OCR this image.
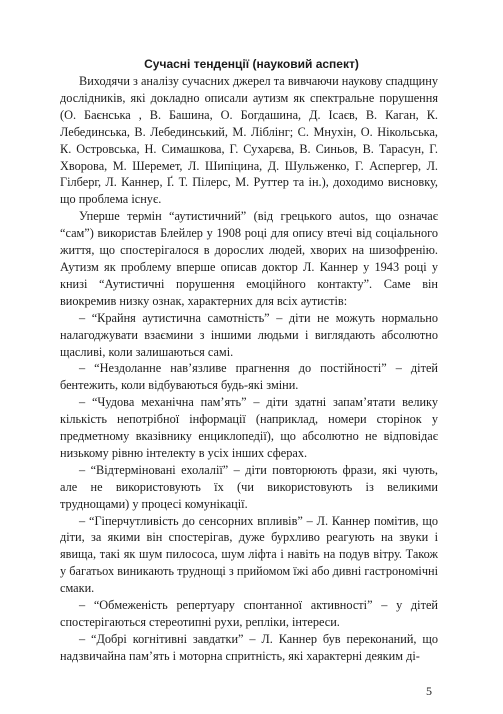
Сучасні тенденції (науковий аспект)

Виходячи з аналізу сучасних джерел та вивчаючи наукову спадщину дослідників, які докладно описали аутизм як спектральне порушення (О. Баєнська , В. Башина, О. Богдашина, Д. Ісаєв, В. Каган, К. Лебединська, В. Лебединський, М. Ліблінг; С. Мнухін, О. Нікольська, К. Островська, Н. Симашкова, Г. Сухарєва, В. Синьов, В. Тарасун, Г. Хворова, М. Шеремет, Л. Шипіцина, Д. Шульженко, Г. Аспергер, Л. Гілберг, Л. Каннер, Ґ. Т. Пілерс, М. Руттер та ін.), доходимо висновку, що проблема існує.

Уперше термін “аутистичний” (від грецького autos, що означає “сам”) використав Блейлер у 1908 році для опису втечі від соціального життя, що спостерігалося в дорослих людей, хворих на шизофренію. Аутизм як проблему вперше описав доктор Л. Каннер у 1943 році у книзі “Аутистичні порушення емоційного контакту”. Саме він виокремив низку ознак, характерних для всіх аутистів:

– “Крайня аутистична самотність” – діти не можуть нормально налагоджувати взаємини з іншими людьми і виглядають абсолютно щасливі, коли залишаються самі.

– “Нездоланне нав’язливе прагнення до постійності” – дітей бентежить, коли відбуваються будь-які зміни.

– “Чудова механічна пам’ять” – діти здатні запам’ятати велику кількість непотрібної інформації (наприклад, номери сторінок у предметному вказівнику енциклопедії), що абсолютно не відповідає низькому рівню інтелекту в усіх інших сферах.

– “Відтерміновані ехолалії” – діти повторюють фрази, які чують, але не використовують їх (чи використовують із великими труднощами) у процесі комунікації.

– “Гіперчутливість до сенсорних впливів” – Л. Каннер помітив, що діти, за якими він спостерігав, дуже бурхливо реагують на звуки і явища, такі як шум пилососа, шум ліфта і навіть на подув вітру. Також у багатьох виникають труднощі з прийомом їжі або дивні гастрономічні смаки.

– “Обмеженість репертуару спонтанної активності” – у дітей спостерігаються стереотипні рухи, репліки, інтереси.

– “Добрі когнітивні завдатки” – Л. Каннер був переконаний, що надзвичайна пам’ять і моторна спритність, які характерні деяким ді-

5
